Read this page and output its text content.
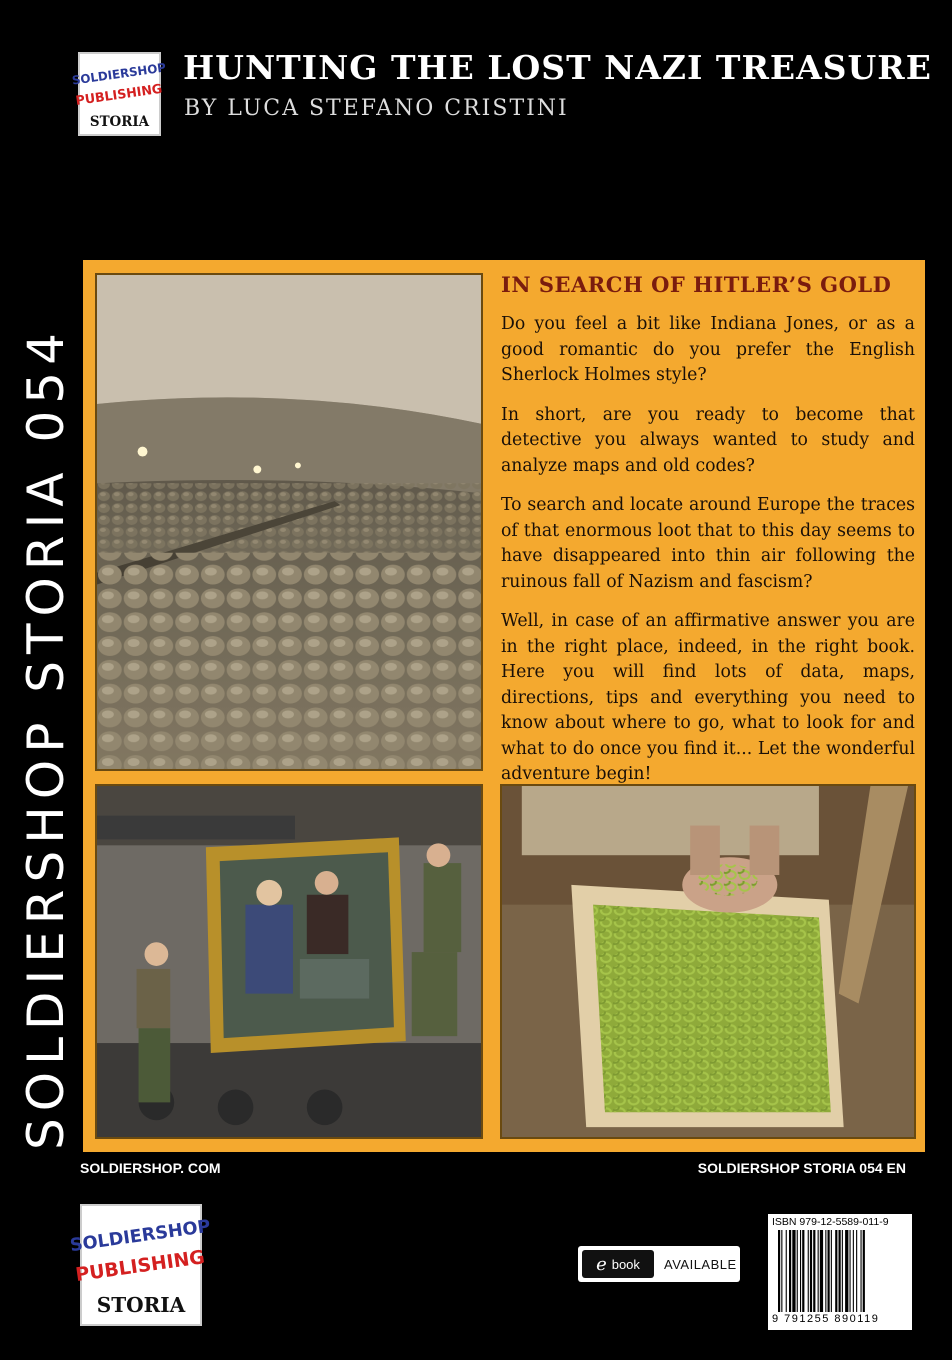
SOLDIERSHOP
PUBLISHING
STORIA
HUNTING THE LOST NAZI TREASURE
BY LUCA STEFANO CRISTINI
SOLDIERSHOP STORIA 054
IN SEARCH OF HITLER’S GOLD

Do you feel a bit like Indiana Jones, or as a good romantic do you prefer the English Sherlock Holmes style?

In short, are you ready to become that detective you always wanted to study and analyze maps and old codes?

To search and locate around Europe the traces of that enormous loot that to this day seems to have disappeared into thin air following the ruinous fall of Nazism and fascism?

Well, in case of an affirmative answer you are in the right place, indeed, in the right book. Here you will find lots of data, maps, directions, tips and everything you need to know about where to go, what to look for and what to do once you find it... Let the wonderful adventure begin!

SOLDIERSHOP. COM	SOLDIERSHOP STORIA 054 EN
SOLDIERSHOP
PUBLISHING
STORIA
e book AVAILABLE
ISBN 979-12-5589-011-9
9 791255 890119
